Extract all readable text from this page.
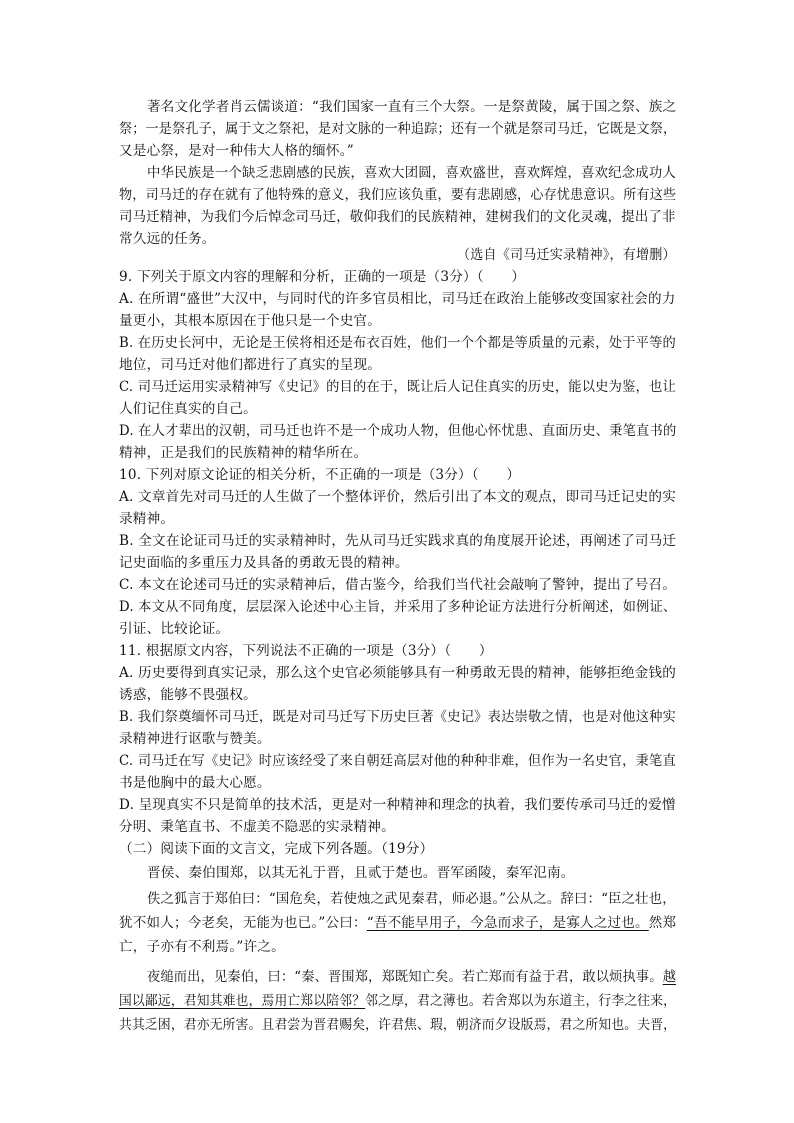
著名文化学者肖云儒谈道：“我们国家一直有三个大祭。一是祭黄陵，属于国之祭、族之
祭；一是祭孔子，属于文之祭祀，是对文脉的一种追踪；还有一个就是祭司马迁，它既是文祭，
又是心祭，是对一种伟大人格的缅怀。”
中华民族是一个缺乏悲剧感的民族，喜欢大团圆，喜欢盛世，喜欢辉煌，喜欢纪念成功人
物，司马迁的存在就有了他特殊的意义，我们应该负重，要有悲剧感，心存忧患意识。所有这些
司马迁精神，为我们今后悼念司马迁，敬仰我们的民族精神，建树我们的文化灵魂，提出了非
常久远的任务。
（选自《司马迁实录精神》，有增删）
9. 下列关于原文内容的理解和分析，正确的一项是（3分）（　　）
A. 在所谓“盛世”大汉中，与同时代的许多官员相比，司马迁在政治上能够改变国家社会的力
量更小，其根本原因在于他只是一个史官。
B. 在历史长河中，无论是王侯将相还是布衣百姓，他们一个个都是等质量的元素，处于平等的
地位，司马迁对他们都进行了真实的呈现。
C. 司马迁运用实录精神写《史记》的目的在于，既让后人记住真实的历史，能以史为鉴，也让
人们记住真实的自己。
D. 在人才辈出的汉朝，司马迁也许不是一个成功人物，但他心怀忧患、直面历史、秉笔直书的
精神，正是我们的民族精神的精华所在。
10. 下列对原文论证的相关分析，不正确的一项是（3分）（　　）
A. 文章首先对司马迁的人生做了一个整体评价，然后引出了本文的观点，即司马迁记史的实
录精神。
B. 全文在论证司马迁的实录精神时，先从司马迁实践求真的角度展开论述，再阐述了司马迁
记史面临的多重压力及具备的勇敢无畏的精神。
C. 本文在论述司马迁的实录精神后，借古鉴今，给我们当代社会敲响了警钟，提出了号召。
D. 本文从不同角度，层层深入论述中心主旨，并采用了多种论证方法进行分析阐述，如例证、
引证、比较论证。
11. 根据原文内容，下列说法不正确的一项是（3分）（　　）
A. 历史要得到真实记录，那么这个史官必须能够具有一种勇敢无畏的精神，能够拒绝金钱的
诱惑，能够不畏强权。
B. 我们祭奠缅怀司马迁，既是对司马迁写下历史巨著《史记》表达崇敬之情，也是对他这种实
录精神进行讴歌与赞美。
C. 司马迁在写《史记》时应该经受了来自朝廷高层对他的种种非难，但作为一名史官，秉笔直
书是他胸中的最大心愿。
D. 呈现真实不只是简单的技术活，更是对一种精神和理念的执着，我们要传承司马迁的爱憎
分明、秉笔直书、不虚美不隐恶的实录精神。
（二）阅读下面的文言文，完成下列各题。（19分）
晋侯、秦伯围郑，以其无礼于晋，且贰于楚也。晋军函陵，秦军氾南。
佚之狐言于郑伯曰：“国危矣，若使烛之武见秦君，师必退。”公从之。辞曰：“臣之壮也，
犹不如人；今老矣，无能为也已。”公曰：“吾不能早用子，今急而求子，是寡人之过也。然郑
亡，子亦有不利焉。”许之。
夜缒而出，见秦伯，曰：“秦、晋围郑，郑既知亡矣。若亡郑而有益于君，敢以烦执事。越
国以鄙远，君知其难也，焉用亡郑以陪邻？邻之厚，君之薄也。若舍郑以为东道主，行李之往来，
共其乏困，君亦无所害。且君尝为晋君赐矣，许君焦、瑕，朝济而夕设版焉，君之所知也。夫晋，
